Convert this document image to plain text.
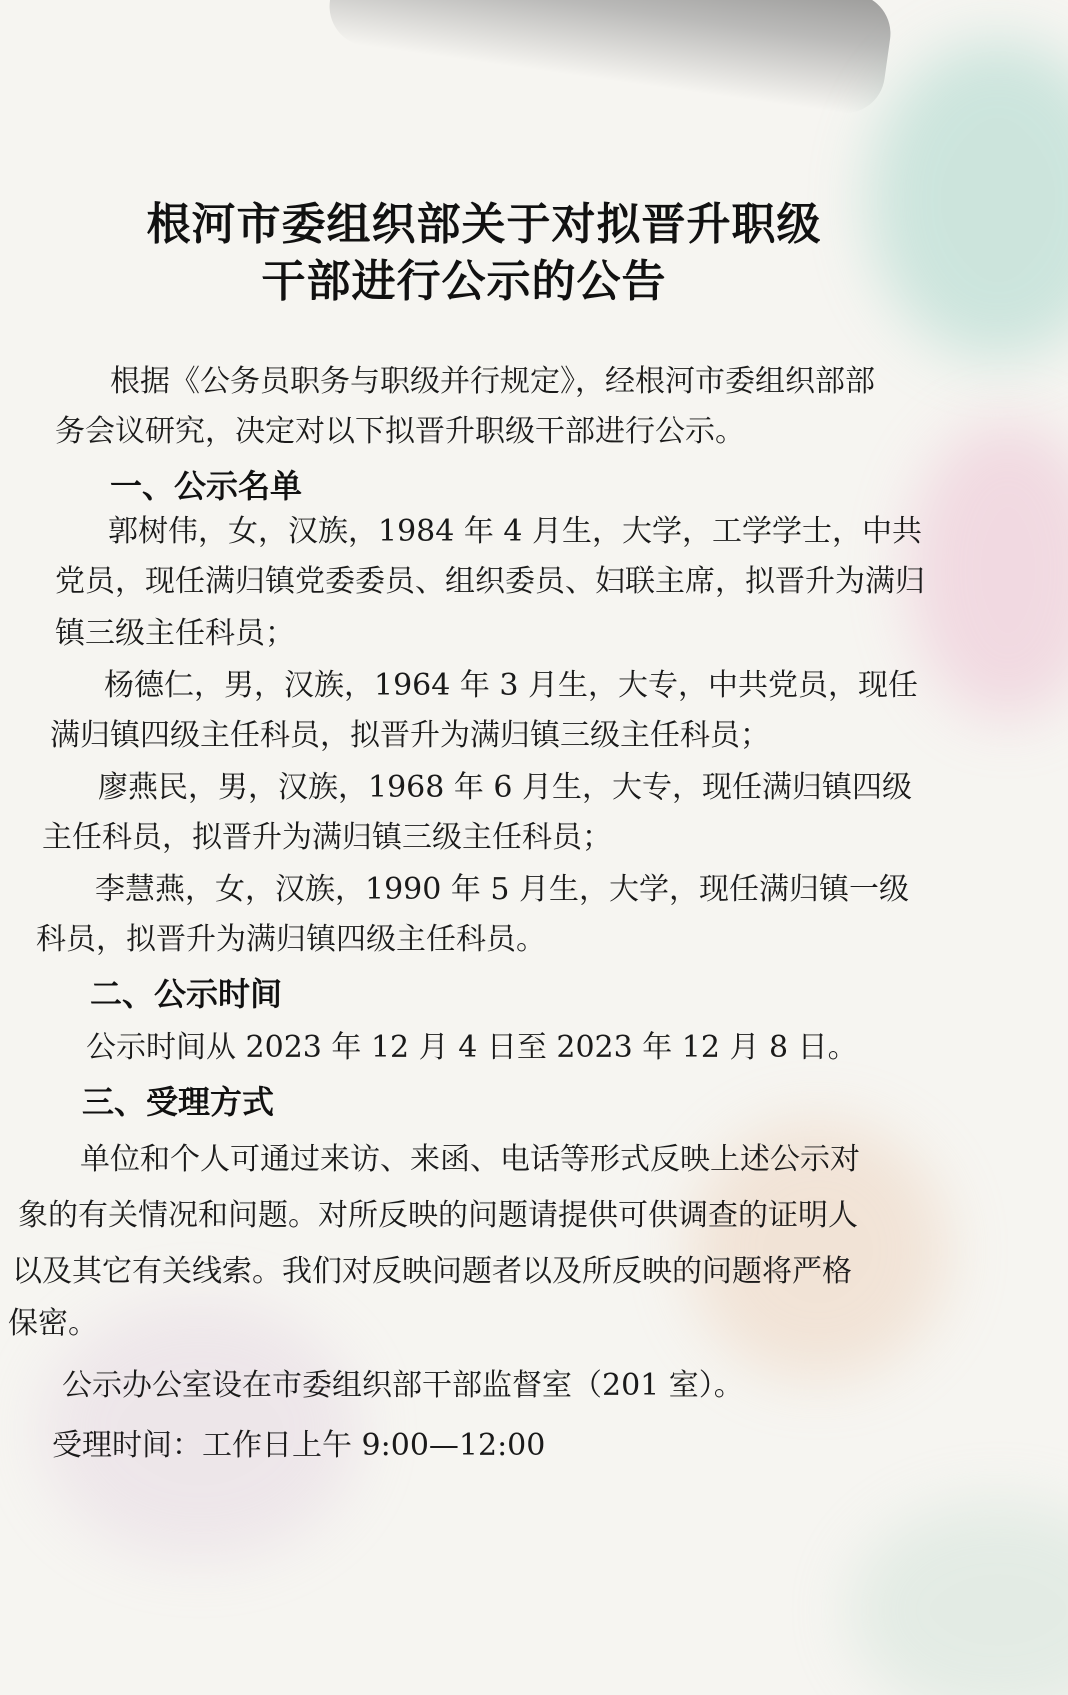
根河市委组织部关于对拟晋升职级
干部进行公示的公告
根据《公务员职务与职级并行规定》，经根河市委组织部部
务会议研究，决定对以下拟晋升职级干部进行公示。
一、公示名单
郭树伟，女，汉族，1984 年 4 月生，大学，工学学士，中共
党员，现任满归镇党委委员、组织委员、妇联主席，拟晋升为满归
镇三级主任科员；
杨德仁，男，汉族，1964 年 3 月生，大专，中共党员，现任
满归镇四级主任科员，拟晋升为满归镇三级主任科员；
廖燕民，男，汉族，1968 年 6 月生，大专，现任满归镇四级
主任科员，拟晋升为满归镇三级主任科员；
李慧燕，女，汉族，1990 年 5 月生，大学，现任满归镇一级
科员，拟晋升为满归镇四级主任科员。
二、公示时间
公示时间从 2023 年 12 月 4 日至 2023 年 12 月 8 日。
三、受理方式
单位和个人可通过来访、来函、电话等形式反映上述公示对
象的有关情况和问题。对所反映的问题请提供可供调查的证明人
以及其它有关线索。我们对反映问题者以及所反映的问题将严格
保密。
公示办公室设在市委组织部干部监督室（201 室）。
受理时间：工作日上午 9:00—12:00
